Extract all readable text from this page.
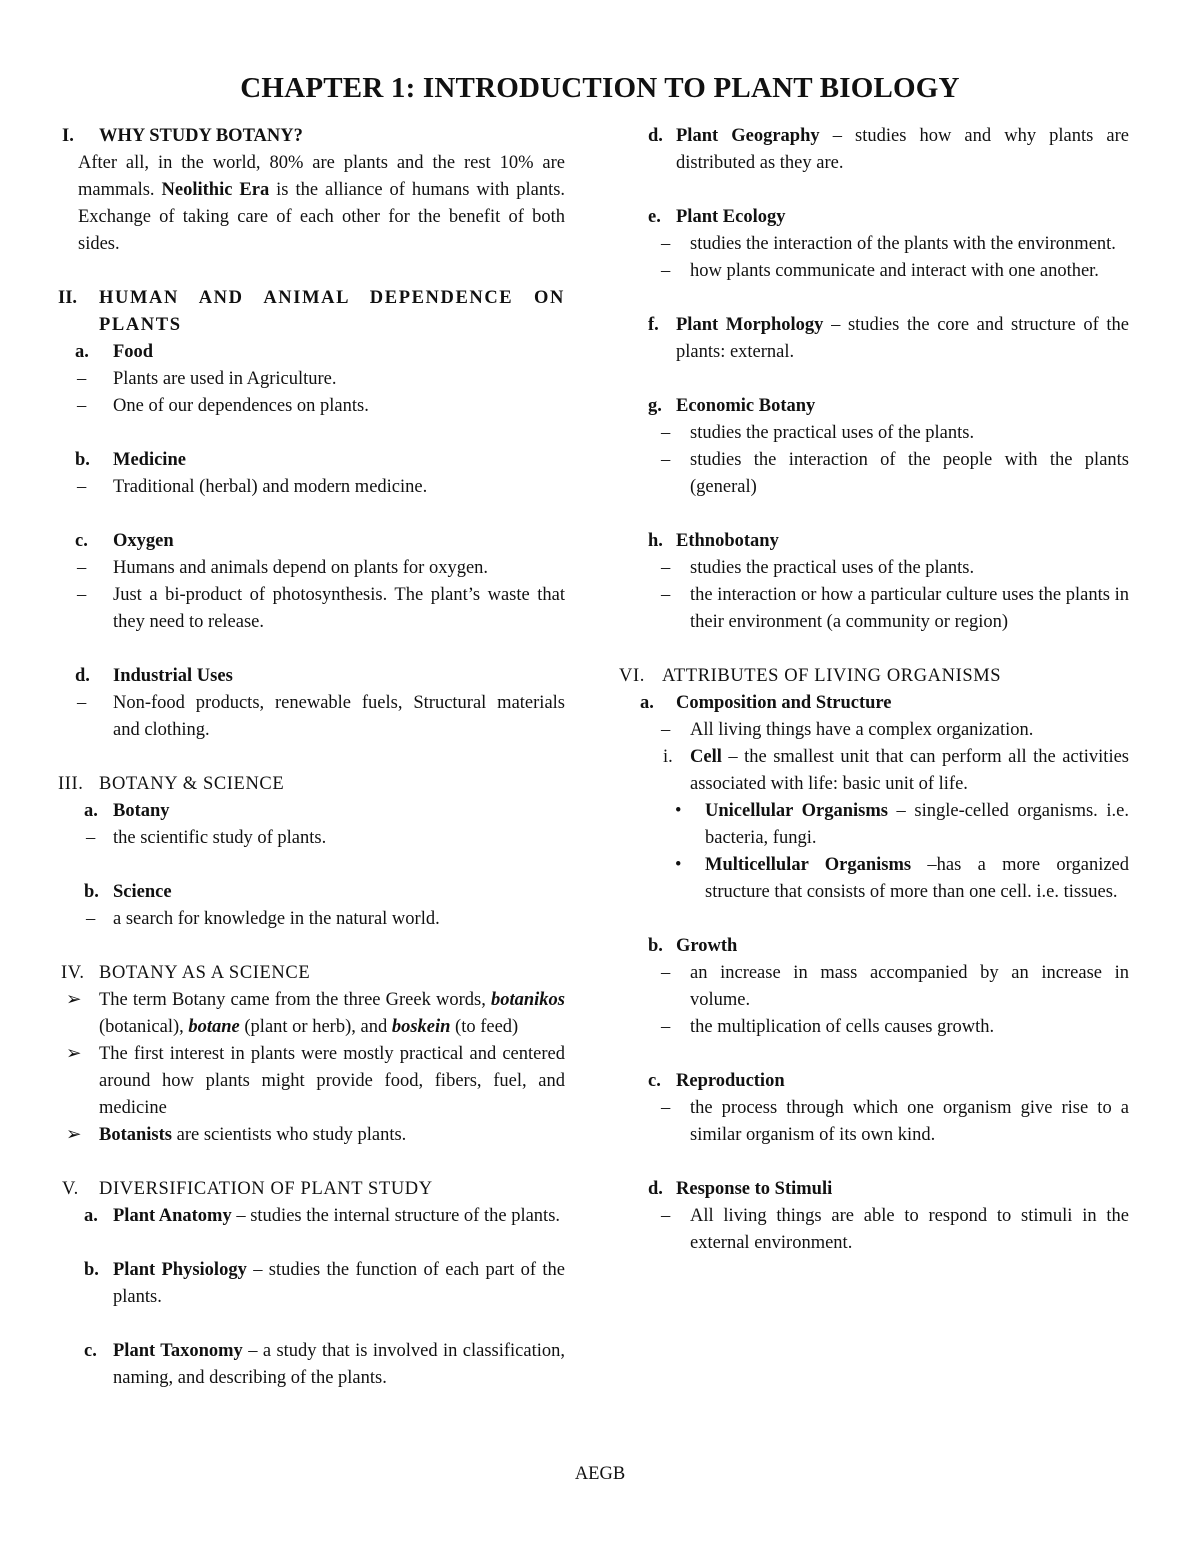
CHAPTER 1: INTRODUCTION TO PLANT BIOLOGY
I.	WHY STUDY BOTANY?
After all, in the world, 80% are plants and the rest 10% are mammals. Neolithic Era is the alliance of humans with plants. Exchange of taking care of each other for the benefit of both sides.
II.	HUMAN AND ANIMAL DEPENDENCE ON PLANTS
a.	Food
–	Plants are used in Agriculture.
–	One of our dependences on plants.
b.	Medicine
–	Traditional (herbal) and modern medicine.
c.	Oxygen
–	Humans and animals depend on plants for oxygen.
–	Just a bi-product of photosynthesis. The plant’s waste that they need to release.
d.	Industrial Uses
–	Non-food products, renewable fuels, Structural materials and clothing.
III. BOTANY & SCIENCE
a. Botany
– the scientific study of plants.
b. Science
– a search for knowledge in the natural world.
IV. BOTANY AS A SCIENCE
➢ The term Botany came from the three Greek words, botanikos (botanical), botane (plant or herb), and boskein (to feed)
➢ The first interest in plants were mostly practical and centered around how plants might provide food, fibers, fuel, and medicine
➢ Botanists are scientists who study plants.
V.	DIVERSIFICATION OF PLANT STUDY
a. Plant Anatomy – studies the internal structure of the plants.
b. Plant Physiology – studies the function of each part of the plants.
c. Plant Taxonomy – a study that is involved in classification, naming, and describing of the plants.
d. Plant Geography – studies how and why plants are distributed as they are.
e. Plant Ecology
–	studies the interaction of the plants with the environment.
–	how plants communicate and interact with one another.
f. Plant Morphology – studies the core and structure of the plants: external.
g. Economic Botany
–	studies the practical uses of the plants.
–	studies the interaction of the people with the plants (general)
h. Ethnobotany
–	studies the practical uses of the plants.
–	the interaction or how a particular culture uses the plants in their environment (a community or region)
VI. ATTRIBUTES OF LIVING ORGANISMS
a.	Composition and Structure
–	All living things have a complex organization.
i. Cell – the smallest unit that can perform all the activities associated with life: basic unit of life.
•	Unicellular Organisms – single-celled organisms. i.e. bacteria, fungi.
•	Multicellular Organisms –has a more organized structure that consists of more than one cell. i.e. tissues.
b. Growth
–	an increase in mass accompanied by an increase in volume.
–	the multiplication of cells causes growth.
c. Reproduction
–	the process through which one organism give rise to a similar organism of its own kind.
d. Response to Stimuli
–	All living things are able to respond to stimuli in the external environment.
AEGB
